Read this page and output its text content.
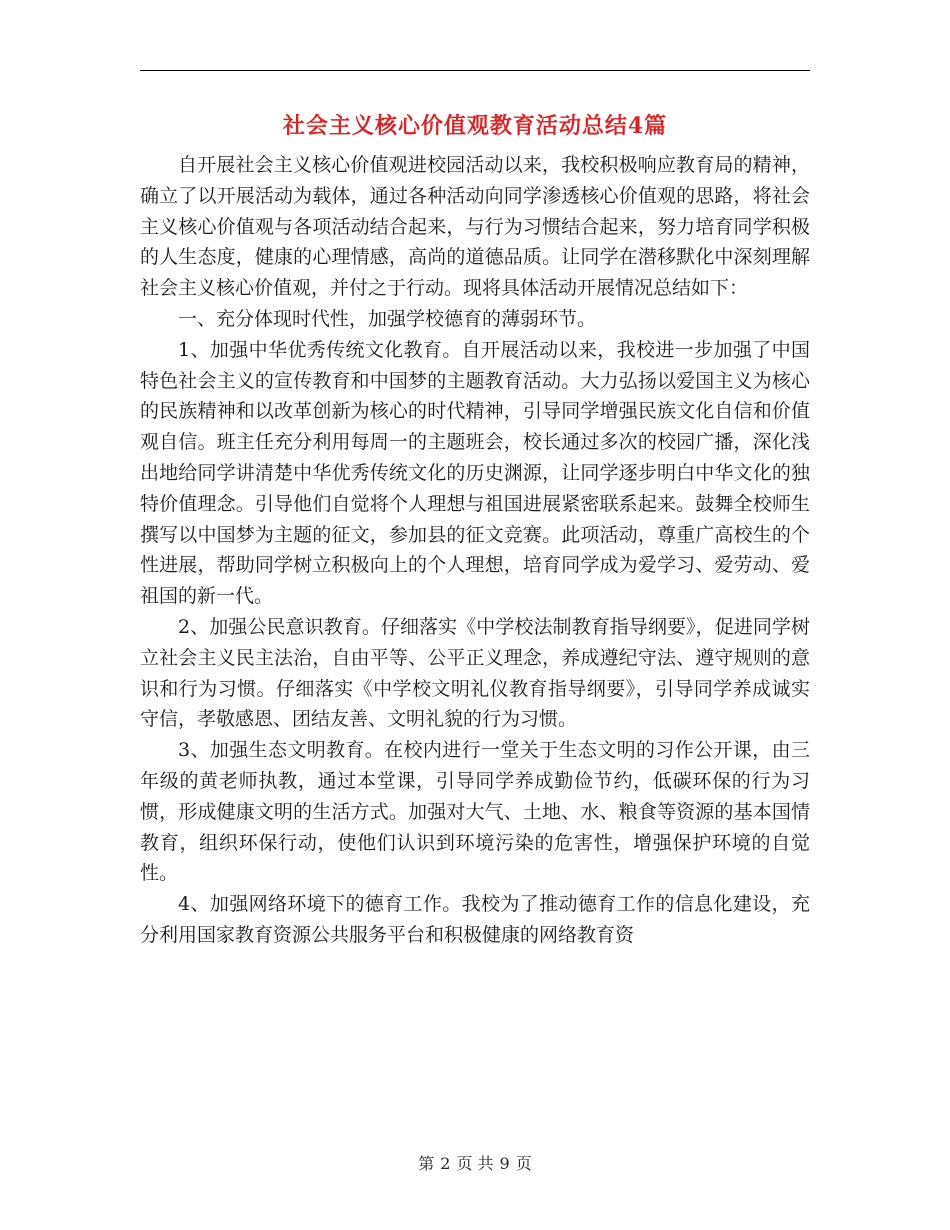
社会主义核心价值观教育活动总结4篇

自开展社会主义核心价值观进校园活动以来，我校积极响应教育局的精神，确立了以开展活动为载体，通过各种活动向同学渗透核心价值观的思路，将社会主义核心价值观与各项活动结合起来，与行为习惯结合起来，努力培育同学积极的人生态度，健康的心理情感，高尚的道德品质。让同学在潜移默化中深刻理解社会主义核心价值观，并付之于行动。现将具体活动开展情况总结如下：

一、充分体现时代性，加强学校德育的薄弱环节。

1、加强中华优秀传统文化教育。自开展活动以来，我校进一步加强了中国特色社会主义的宣传教育和中国梦的主题教育活动。大力弘扬以爱国主义为核心的民族精神和以改革创新为核心的时代精神，引导同学增强民族文化自信和价值观自信。班主任充分利用每周一的主题班会，校长通过多次的校园广播，深化浅出地给同学讲清楚中华优秀传统文化的历史渊源，让同学逐步明白中华文化的独特价值理念。引导他们自觉将个人理想与祖国进展紧密联系起来。鼓舞全校师生撰写以中国梦为主题的征文，参加县的征文竞赛。此项活动，尊重广高校生的个性进展，帮助同学树立积极向上的个人理想，培育同学成为爱学习、爱劳动、爱祖国的新一代。

2、加强公民意识教育。仔细落实《中学校法制教育指导纲要》，促进同学树立社会主义民主法治，自由平等、公平正义理念，养成遵纪守法、遵守规则的意识和行为习惯。仔细落实《中学校文明礼仪教育指导纲要》，引导同学养成诚实守信，孝敬感恩、团结友善、文明礼貌的行为习惯。

3、加强生态文明教育。在校内进行一堂关于生态文明的习作公开课，由三年级的黄老师执教，通过本堂课，引导同学养成勤俭节约，低碳环保的行为习惯，形成健康文明的生活方式。加强对大气、土地、水、粮食等资源的基本国情教育，组织环保行动，使他们认识到环境污染的危害性，增强保护环境的自觉性。

4、加强网络环境下的德育工作。我校为了推动德育工作的信息化建设，充分利用国家教育资源公共服务平台和积极健康的网络教育资

第 2 页 共 9 页
